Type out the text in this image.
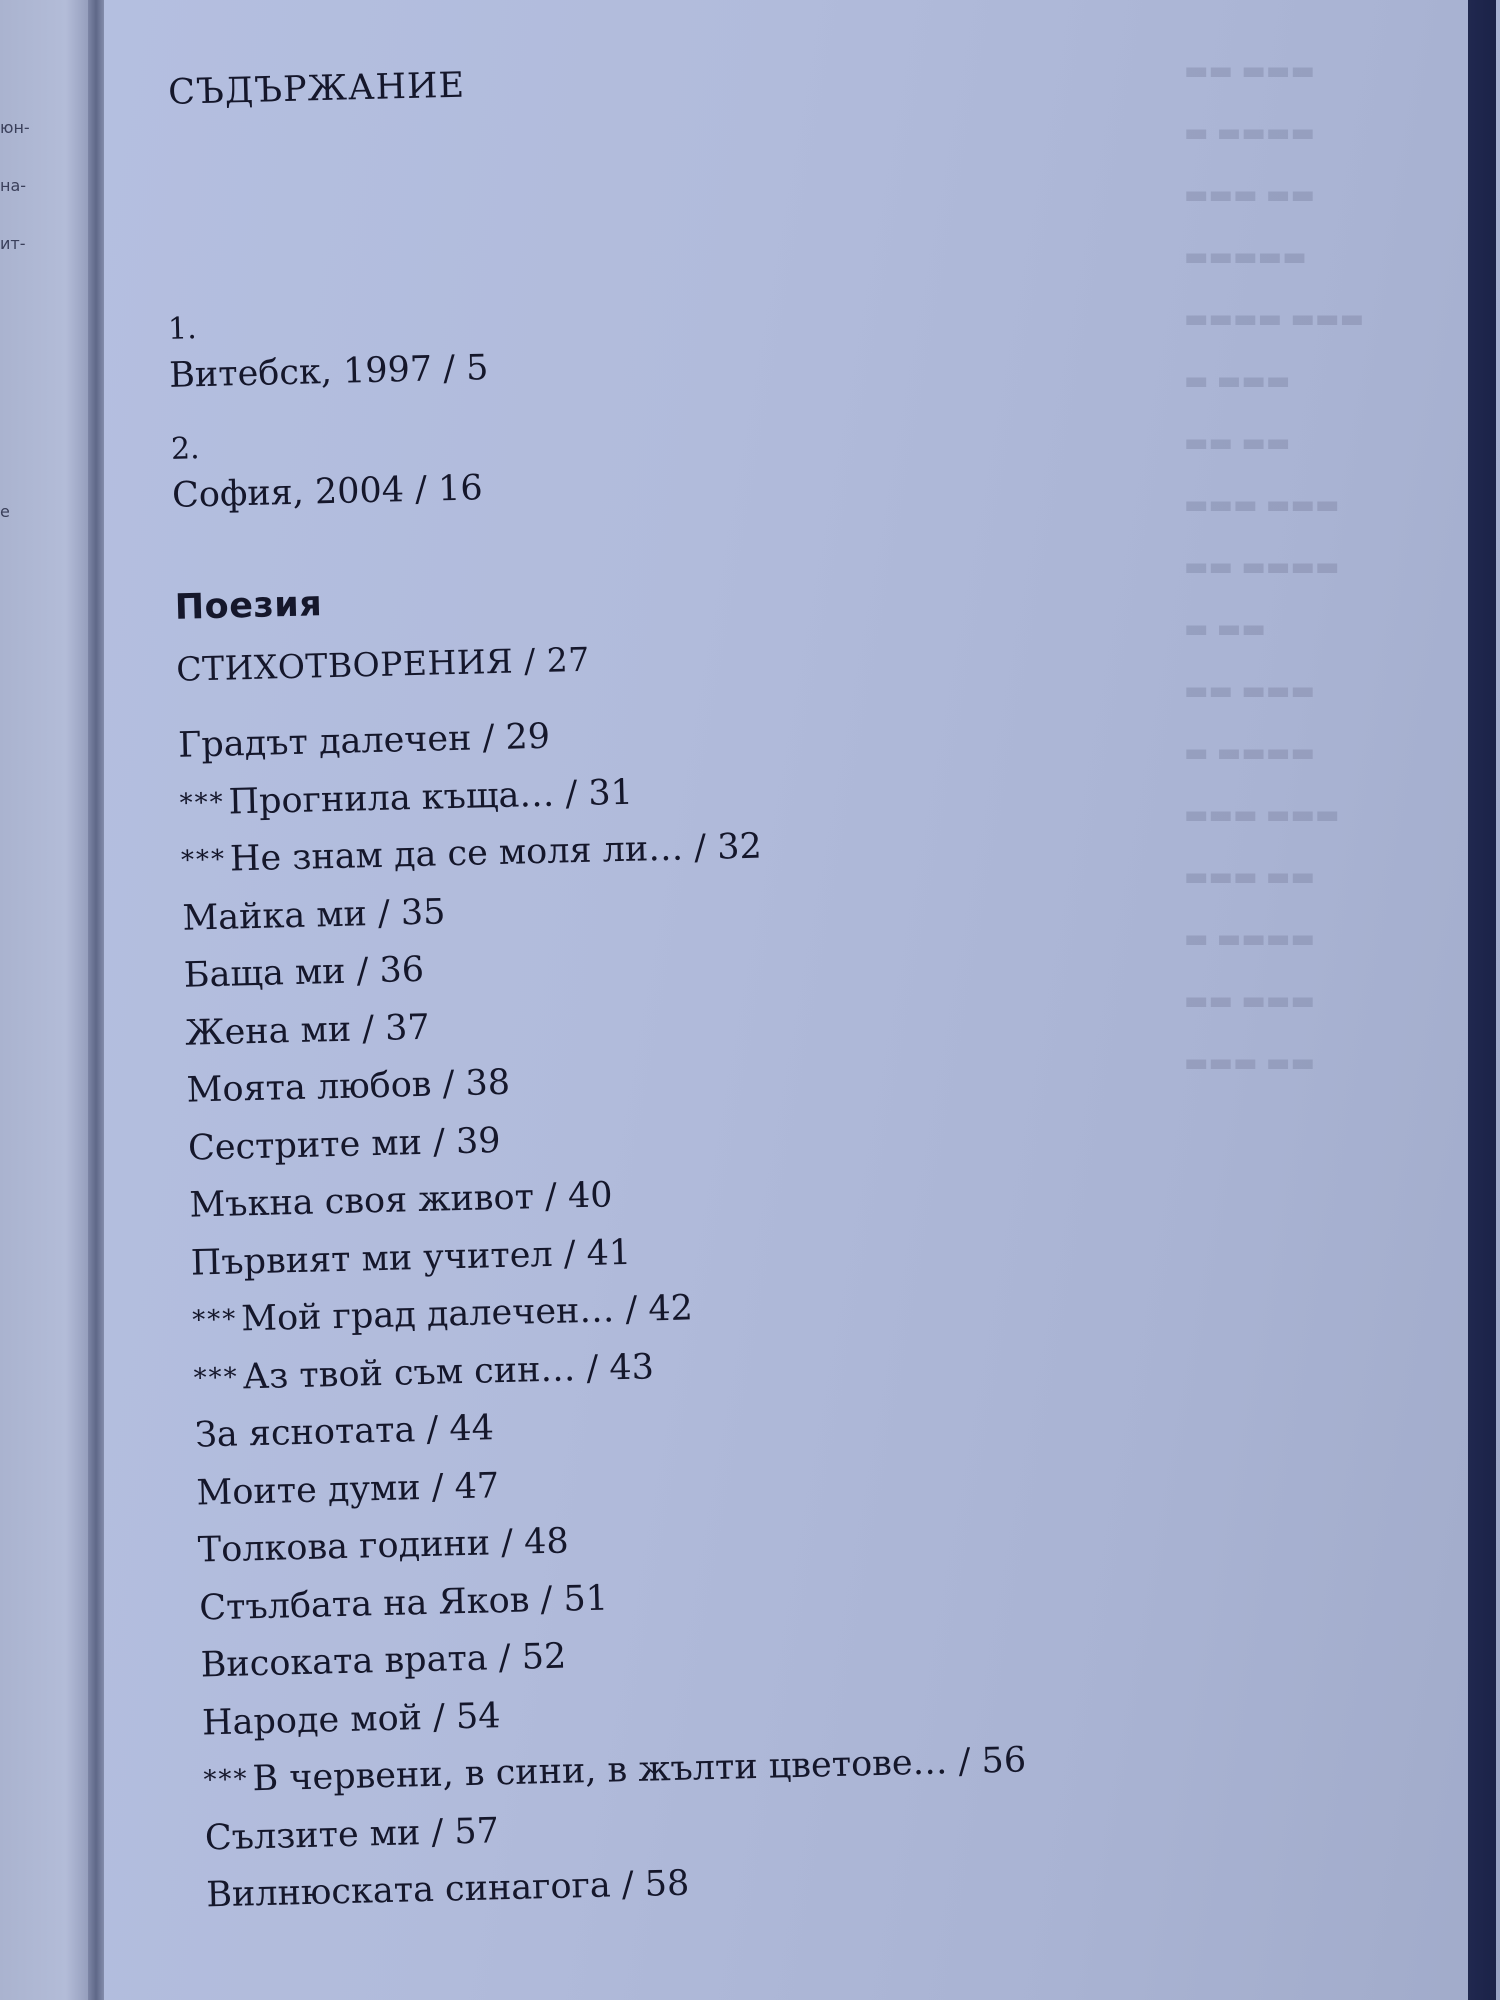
юн-
на-
ит-
е
▬▬▬ ▬▬
▬▬▬▬ ▬
▬▬ ▬▬▬
▬▬▬▬▬
▬▬▬ ▬▬▬▬
▬▬▬ ▬
▬▬ ▬▬
▬▬▬ ▬▬▬
▬▬▬▬ ▬▬
▬▬ ▬
▬▬▬ ▬▬
▬▬▬▬ ▬
▬▬▬ ▬▬▬
▬▬ ▬▬▬
▬▬▬▬ ▬
▬▬▬ ▬▬
▬▬ ▬▬▬
съдържание
1.
Витебск, 1997 / 5
2.
София, 2004 / 16
Поезия
СТИХОТВОРЕНИЯ / 27
Градът далечен / 29
***Прогнила къща… / 31
***Не знам да се моля ли… / 32
Майка ми / 35
Баща ми / 36
Жена ми / 37
Моята любов / 38
Сестрите ми / 39
Мъкна своя живот / 40
Първият ми учител / 41
***Мой град далечен… / 42
***Аз твой съм син… / 43
За яснотата / 44
Моите думи / 47
Толкова години / 48
Стълбата на Яков / 51
Високата врата / 52
Народе мой / 54
***В червени, в сини, в жълти цветове… / 56
Сълзите ми / 57
Вилнюската синагога / 58
